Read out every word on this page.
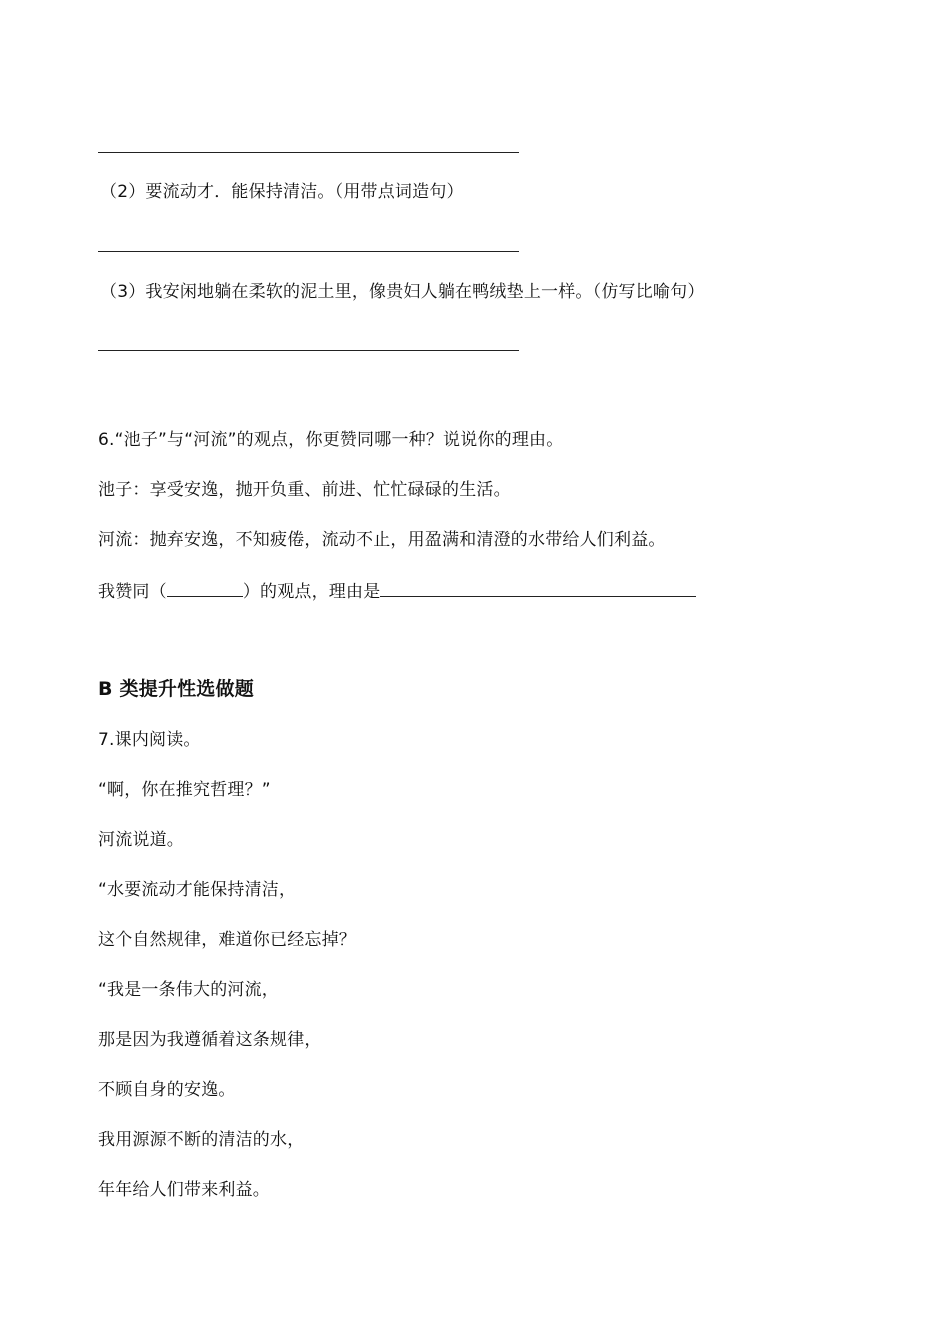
（2）要流动才．能保持清洁。（用带点词造句）
（3）我安闲地躺在柔软的泥土里，像贵妇人躺在鸭绒垫上一样。（仿写比喻句）
6.“池子”与“河流”的观点，你更赞同哪一种？说说你的理由。
池子：享受安逸，抛开负重、前进、忙忙碌碌的生活。
河流：抛弃安逸，不知疲倦，流动不止，用盈满和清澄的水带给人们利益。
我赞同（	）的观点，理由是
B 类提升性选做题
7.课内阅读。
“啊，你在推究哲理？”
河流说道。
“水要流动才能保持清洁，
这个自然规律，难道你已经忘掉？
“我是一条伟大的河流，
那是因为我遵循着这条规律，
不顾自身的安逸。
我用源源不断的清洁的水，
年年给人们带来利益。
